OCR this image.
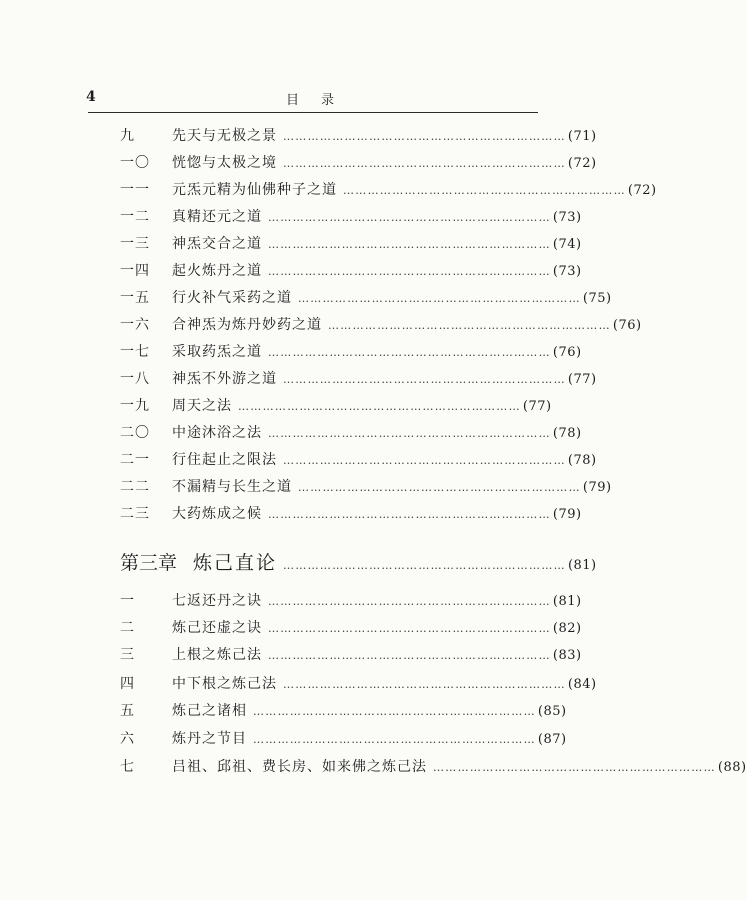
4	目录
九	先天与无极之景 …………………………………………………………… (71)
一〇	恍惚与太极之境 …………………………………………………………… (72)
一一	元炁元精为仙佛种子之道 …………………………………………………………… (72)
一二	真精还元之道 …………………………………………………………… (73)
一三	神炁交合之道 …………………………………………………………… (74)
一四	起火炼丹之道 …………………………………………………………… (73)
一五	行火补气采药之道 …………………………………………………………… (75)
一六	合神炁为炼丹妙药之道 …………………………………………………………… (76)
一七	采取药炁之道 …………………………………………………………… (76)
一八	神炁不外游之道 …………………………………………………………… (77)
一九	周天之法 …………………………………………………………… (77)
二〇	中途沐浴之法 …………………………………………………………… (78)
二一	行住起止之限法 …………………………………………………………… (78)
二二	不漏精与长生之道 …………………………………………………………… (79)
二三	大药炼成之候 …………………………………………………………… (79)
第三章 炼己直论 …………………………………………………………… (81)
一	七返还丹之诀 …………………………………………………………… (81)
二	炼己还虚之诀 …………………………………………………………… (82)
三	上根之炼己法 …………………………………………………………… (83)
四	中下根之炼己法 …………………………………………………………… (84)
五	炼己之诸相 …………………………………………………………… (85)
六	炼丹之节目 …………………………………………………………… (87)
七	吕祖、邱祖、费长房、如来佛之炼己法 …………………………………………………………… (88)
